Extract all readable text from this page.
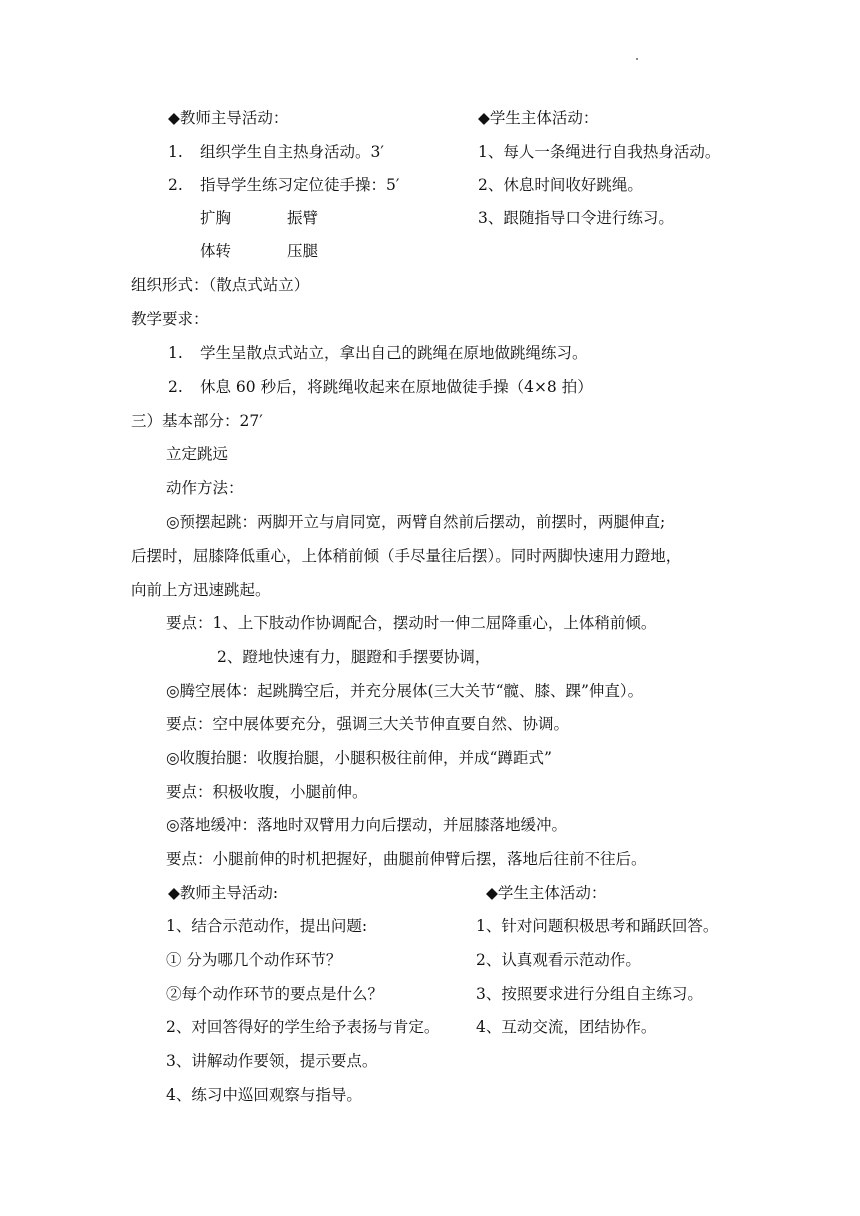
◆教师主导活动：	◆学生主体活动：
1. 组织学生自主热身活动。3′	1、每人一条绳进行自我热身活动。
2. 指导学生练习定位徒手操：5′	2、休息时间收好跳绳。
扩胸	振臂	3、跟随指导口令进行练习。
体转	压腿
组织形式：（散点式站立）
教学要求：
1. 学生呈散点式站立，拿出自己的跳绳在原地做跳绳练习。
2. 休息 60 秒后，将跳绳收起来在原地做徒手操（4×8 拍）
三）基本部分：27′
立定跳远
动作方法：
◎预摆起跳：两脚开立与肩同宽，两臂自然前后摆动，前摆时，两腿伸直;
后摆时，屈膝降低重心，上体稍前倾（手尽量往后摆）。同时两脚快速用力蹬地，
向前上方迅速跳起。
要点：1、上下肢动作协调配合，摆动时一伸二屈降重心，上体稍前倾。
2、蹬地快速有力，腿蹬和手摆要协调，
◎腾空展体：起跳腾空后，并充分展体(三大关节“髋、膝、踝”伸直）。
要点：空中展体要充分，强调三大关节伸直要自然、协调。
◎收腹抬腿：收腹抬腿，小腿积极往前伸，并成“蹲距式”
要点：积极收腹，小腿前伸。
◎落地缓冲：落地时双臂用力向后摆动，并屈膝落地缓冲。
要点：小腿前伸的时机把握好，曲腿前伸臂后摆，落地后往前不往后。
◆教师主导活动:	◆学生主体活动：
1、结合示范动作，提出问题:	1、针对问题积极思考和踊跃回答。
① 分为哪几个动作环节？	2、认真观看示范动作。
②每个动作环节的要点是什么？	3、按照要求进行分组自主练习。
2、对回答得好的学生给予表扬与肯定。 4、互动交流，团结协作。
3、讲解动作要领，提示要点。
4、练习中巡回观察与指导。
